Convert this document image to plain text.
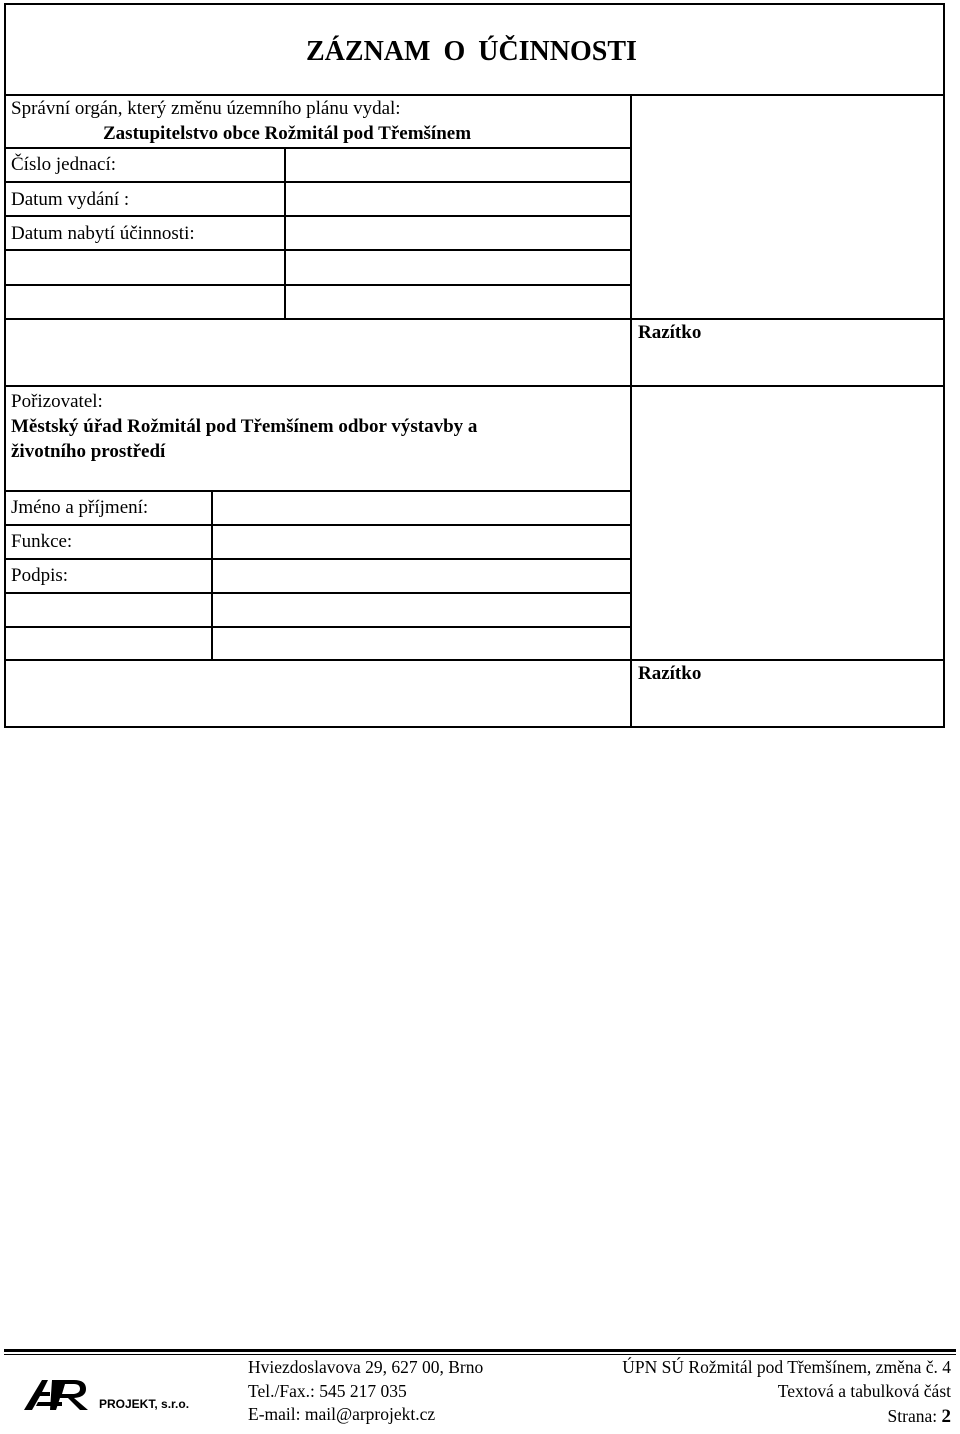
ZÁZNAM O ÚČINNOSTI
Správní orgán, který změnu územního plánu vydal:
Zastupitelstvo obce Rožmitál pod Třemšínem
Číslo jednací:
Datum vydání :
Datum nabytí účinnosti:
Razítko
Pořizovatel:
Městský úřad Rožmitál pod Třemšínem odbor výstavby a
životního prostředí
Jméno a příjmení:
Funkce:
Podpis:
Razítko
PROJEKT, s.r.o.
Hviezdoslavova 29, 627 00, Brno
Tel./Fax.: 545 217 035
E-mail: mail@arprojekt.cz
ÚPN SÚ Rožmitál pod Třemšínem, změna č. 4
Textová a tabulková část
Strana: 2
